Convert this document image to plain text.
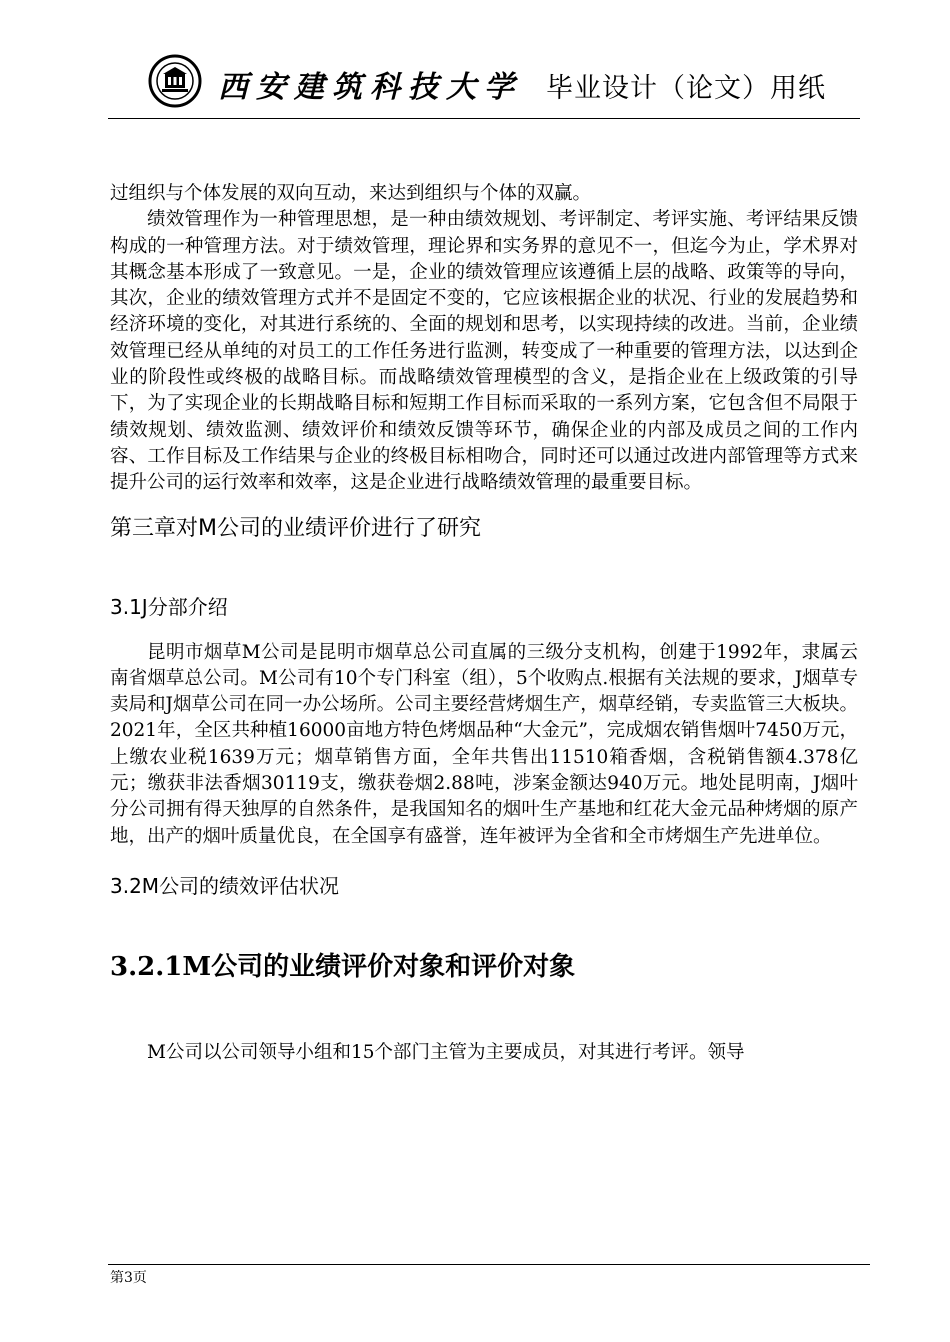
西安建筑科技大学 毕业设计（论文）用纸

过组织与个体发展的双向互动，来达到组织与个体的双赢。

绩效管理作为一种管理思想，是一种由绩效规划、考评制定、考评实施、考评结果反馈构成的一种管理方法。对于绩效管理，理论界和实务界的意见不一，但迄今为止，学术界对其概念基本形成了一致意见。一是，企业的绩效管理应该遵循上层的战略、政策等的导向，其次，企业的绩效管理方式并不是固定不变的，它应该根据企业的状况、行业的发展趋势和经济环境的变化，对其进行系统的、全面的规划和思考，以实现持续的改进。当前，企业绩效管理已经从单纯的对员工的工作任务进行监测，转变成了一种重要的管理方法，以达到企业的阶段性或终极的战略目标。而战略绩效管理模型的含义，是指企业在上级政策的引导下，为了实现企业的长期战略目标和短期工作目标而采取的一系列方案，它包含但不局限于绩效规划、绩效监测、绩效评价和绩效反馈等环节，确保企业的内部及成员之间的工作内容、工作目标及工作结果与企业的终极目标相吻合，同时还可以通过改进内部管理等方式来提升公司的运行效率和效率，这是企业进行战略绩效管理的最重要目标。

第三章对M公司的业绩评价进行了研究
3.1J分部介绍

昆明市烟草M公司是昆明市烟草总公司直属的三级分支机构，创建于1992年，隶属云南省烟草总公司。M公司有10个专门科室（组），5个收购点.根据有关法规的要求，J烟草专卖局和J烟草公司在同一办公场所。公司主要经营烤烟生产，烟草经销，专卖监管三大板块。2021年，全区共种植16000亩地方特色烤烟品种“大金元”，完成烟农销售烟叶7450万元，上缴农业税1639万元；烟草销售方面，全年共售出11510箱香烟，含税销售额4.378亿元；缴获非法香烟30119支，缴获卷烟2.88吨，涉案金额达940万元。地处昆明南，J烟叶分公司拥有得天独厚的自然条件，是我国知名的烟叶生产基地和红花大金元品种烤烟的原产地，出产的烟叶质量优良，在全国享有盛誉，连年被评为全省和全市烤烟生产先进单位。

3.2M公司的绩效评估状况
3.2.1M公司的业绩评价对象和评价对象

M公司以公司领导小组和15个部门主管为主要成员，对其进行考评。领导

第3页
